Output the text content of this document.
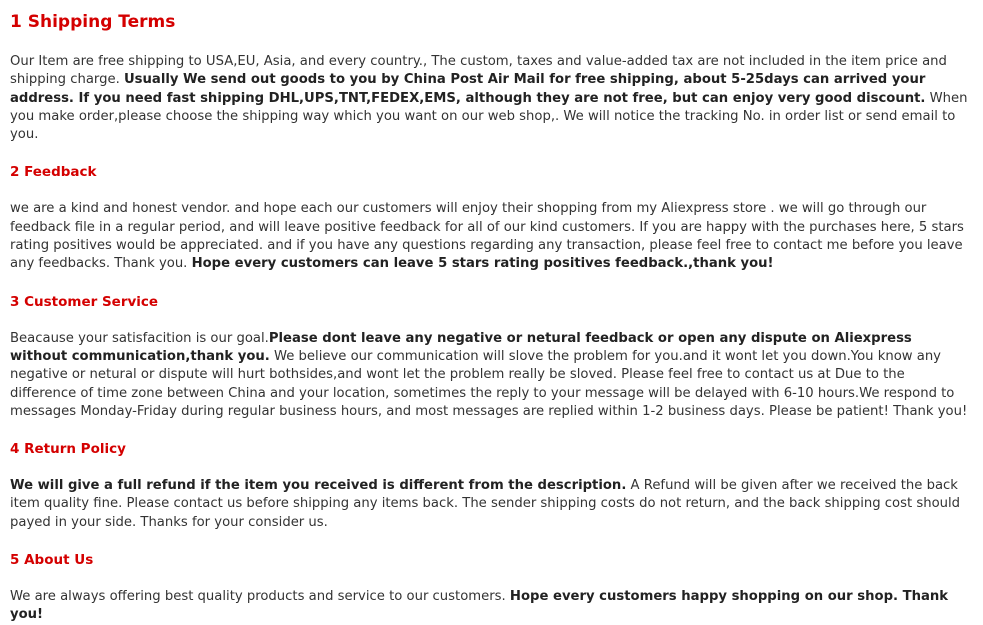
1 Shipping Terms

Our Item are free shipping to USA,EU, Asia, and every country., The custom, taxes and value-added tax are not included in the item price and shipping charge. Usually We send out goods to you by China Post Air Mail for free shipping, about 5-25days can arrived your address. If you need fast shipping DHL,UPS,TNT,FEDEX,EMS, although they are not free, but can enjoy very good discount. When you make order,please choose the shipping way which you want on our web shop,. We will notice the tracking No. in order list or send email to you.

2 Feedback

we are a kind and honest vendor. and hope each our customers will enjoy their shopping from my Aliexpress store . we will go through our feedback file in a regular period, and will leave positive feedback for all of our kind customers. If you are happy with the purchases here, 5 stars rating positives would be appreciated. and if you have any questions regarding any transaction, please feel free to contact me before you leave any feedbacks. Thank you. Hope every customers can leave 5 stars rating positives feedback.,thank you!

3 Customer Service

Beacause your satisfacition is our goal.Please dont leave any negative or netural feedback or open any dispute on Aliexpress without communication,thank you. We believe our communication will slove the problem for you.and it wont let you down.You know any negative or netural or dispute will hurt bothsides,and wont let the problem really be sloved. Please feel free to contact us at Due to the difference of time zone between China and your location, sometimes the reply to your message will be delayed with 6-10 hours.We respond to messages Monday-Friday during regular business hours, and most messages are replied within 1-2 business days. Please be patient! Thank you!

4 Return Policy

We will give a full refund if the item you received is different from the description. A Refund will be given after we received the back item quality fine. Please contact us before shipping any items back. The sender shipping costs do not return, and the back shipping cost should payed in your side. Thanks for your consider us.

5 About Us

We are always offering best quality products and service to our customers. Hope every customers happy shopping on our shop. Thank you!
